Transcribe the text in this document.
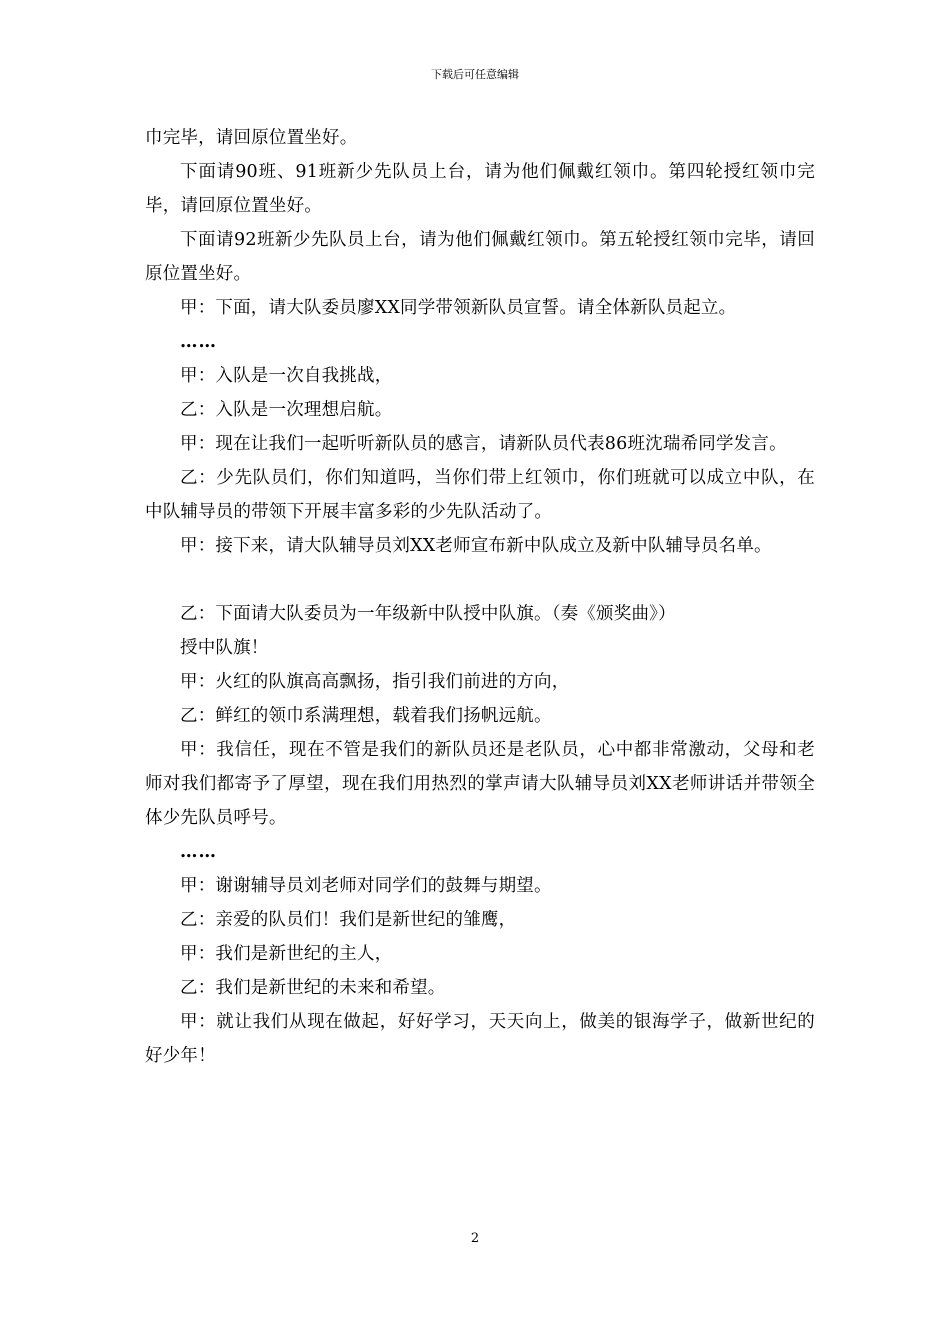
下载后可任意编辑

巾完毕，请回原位置坐好。

下面请90班、91班新少先队员上台，请为他们佩戴红领巾。第四轮授红领巾完毕，请回原位置坐好。

下面请92班新少先队员上台，请为他们佩戴红领巾。第五轮授红领巾完毕，请回原位置坐好。

甲：下面，请大队委员廖XX同学带领新队员宣誓。请全体新队员起立。

……

甲：入队是一次自我挑战，

乙：入队是一次理想启航。

甲：现在让我们一起听听新队员的感言，请新队员代表86班沈瑞希同学发言。

乙：少先队员们，你们知道吗，当你们带上红领巾，你们班就可以成立中队，在中队辅导员的带领下开展丰富多彩的少先队活动了。

甲：接下来，请大队辅导员刘XX老师宣布新中队成立及新中队辅导员名单。

乙：下面请大队委员为一年级新中队授中队旗。（奏《颁奖曲》）

授中队旗！

甲：火红的队旗高高飘扬，指引我们前进的方向，

乙：鲜红的领巾系满理想，载着我们扬帆远航。

甲：我信任，现在不管是我们的新队员还是老队员，心中都非常激动，父母和老师对我们都寄予了厚望，现在我们用热烈的掌声请大队辅导员刘XX老师讲话并带领全体少先队员呼号。

……

甲：谢谢辅导员刘老师对同学们的鼓舞与期望。

乙：亲爱的队员们！我们是新世纪的雏鹰，

甲：我们是新世纪的主人，

乙：我们是新世纪的未来和希望。

甲：就让我们从现在做起，好好学习，天天向上，做美的银海学子，做新世纪的好少年！

2
